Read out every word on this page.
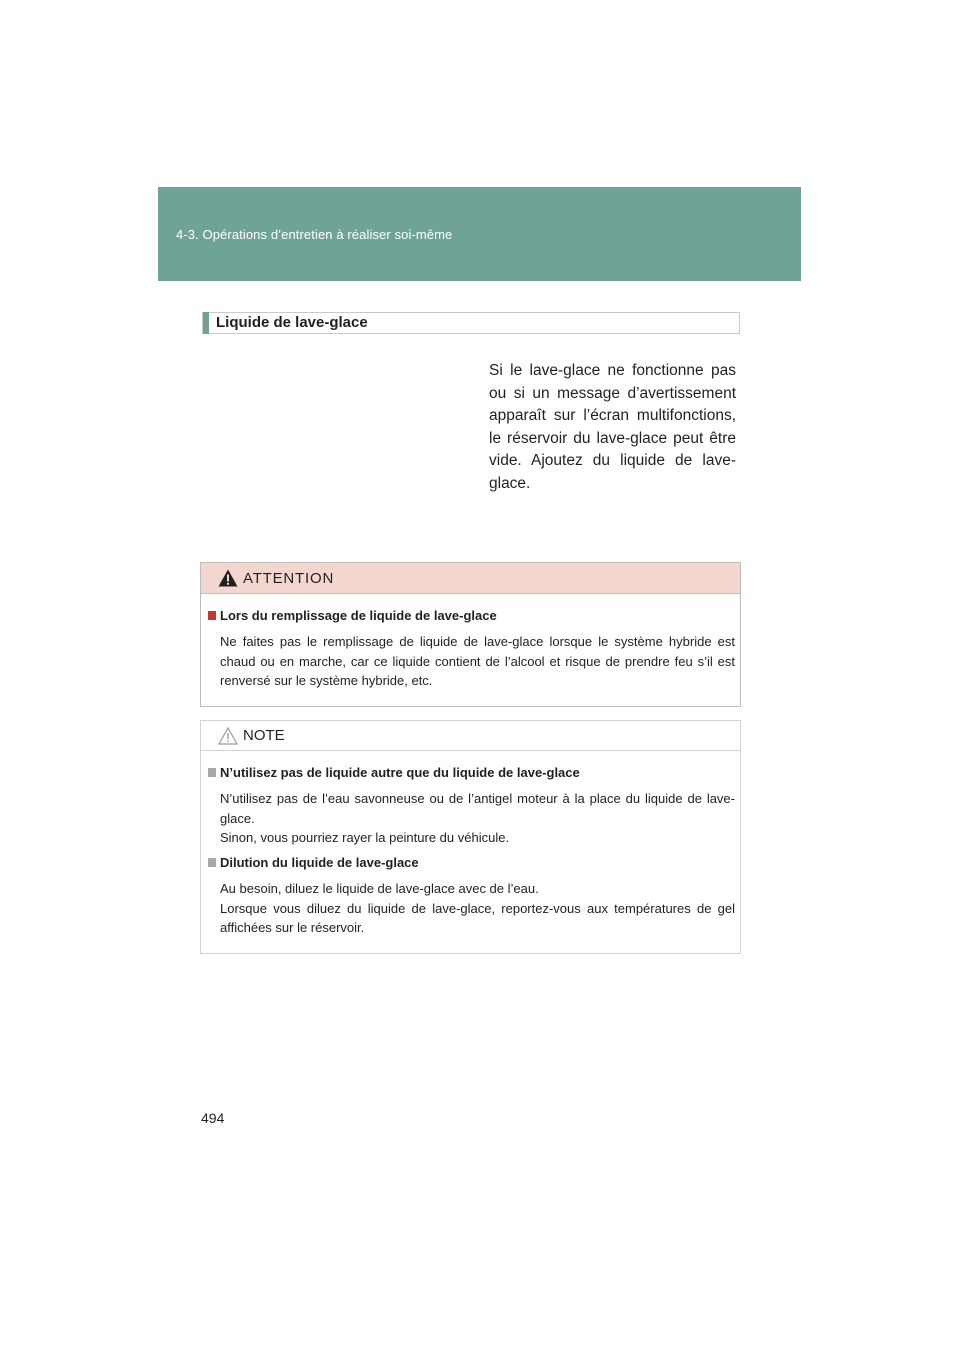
4-3. Opérations d’entretien à réaliser soi-même
Liquide de lave-glace
Si le lave-glace ne fonctionne pas ou si un message d’avertissement apparaît sur l’écran multifonctions, le réservoir du lave-glace peut être vide. Ajoutez du liquide de lave-glace.
ATTENTION
Lors du remplissage de liquide de lave-glace

Ne faites pas le remplissage de liquide de lave-glace lorsque le système hybride est chaud ou en marche, car ce liquide contient de l’alcool et risque de prendre feu s’il est renversé sur le système hybride, etc.

NOTE
N’utilisez pas de liquide autre que du liquide de lave-glace

N’utilisez pas de l’eau savonneuse ou de l’antigel moteur à la place du liquide de lave-glace.

Sinon, vous pourriez rayer la peinture du véhicule.

Dilution du liquide de lave-glace

Au besoin, diluez le liquide de lave-glace avec de l’eau.

Lorsque vous diluez du liquide de lave-glace, reportez-vous aux températures de gel affichées sur le réservoir.

494
